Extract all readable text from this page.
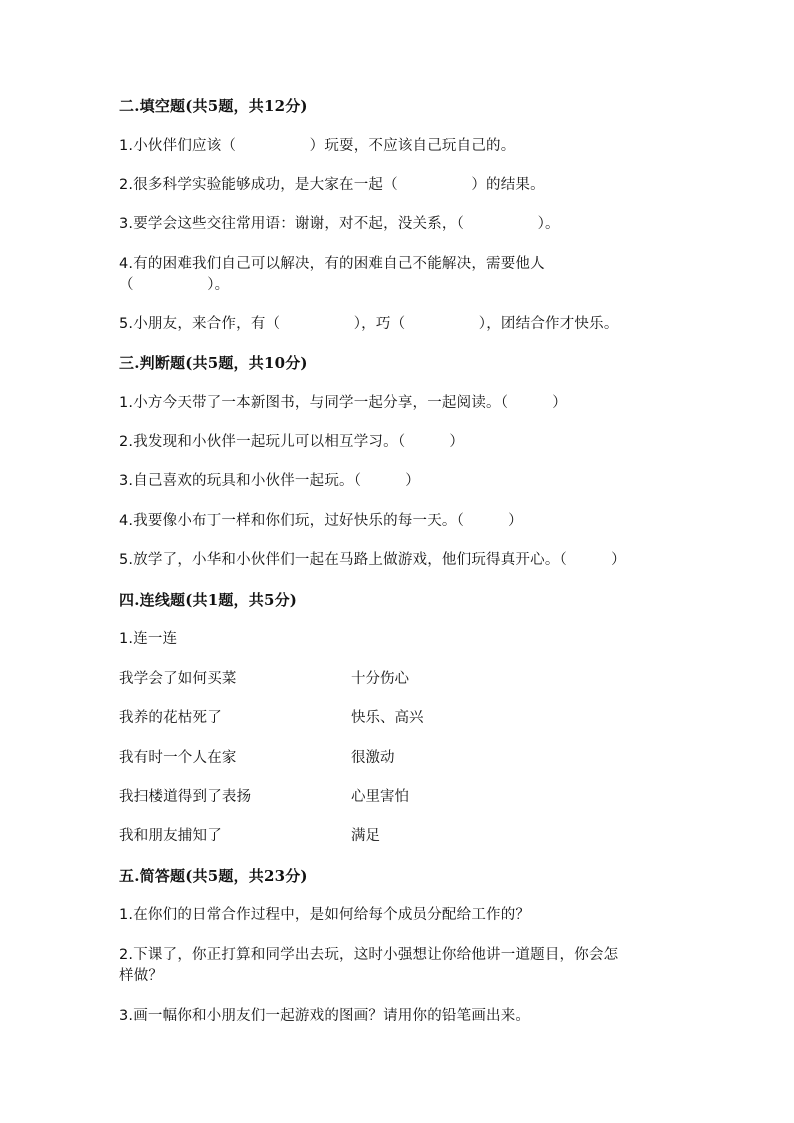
二.填空题(共5题，共12分)
1.小伙伴们应该（　　　　　）玩耍，不应该自己玩自己的。
2.很多科学实验能够成功，是大家在一起（　　　　　）的结果。
3.要学会这些交往常用语：谢谢，对不起，没关系，（　　　　　）。
4.有的困难我们自己可以解决，有的困难自己不能解决，需要他人
（　　　　　）。
5.小朋友，来合作，有（　　　　　），巧（　　　　　），团结合作才快乐。
三.判断题(共5题，共10分)
1.小方今天带了一本新图书，与同学一起分享，一起阅读。（　　　）
2.我发现和小伙伴一起玩儿可以相互学习。（　　　）
3.自己喜欢的玩具和小伙伴一起玩。（　　　）
4.我要像小布丁一样和你们玩，过好快乐的每一天。（　　　）
5.放学了，小华和小伙伴们一起在马路上做游戏，他们玩得真开心。（　　　）
四.连线题(共1题，共5分)
1.连一连
我学会了如何买菜	十分伤心
我养的花枯死了	快乐、高兴
我有时一个人在家	很激动
我扫楼道得到了表扬	心里害怕
我和朋友捕知了	满足
五.简答题(共5题，共23分)
1.在你们的日常合作过程中，是如何给每个成员分配给工作的？
2.下课了，你正打算和同学出去玩，这时小强想让你给他讲一道题目，你会怎
样做？
3.画一幅你和小朋友们一起游戏的图画？请用你的铅笔画出来。
